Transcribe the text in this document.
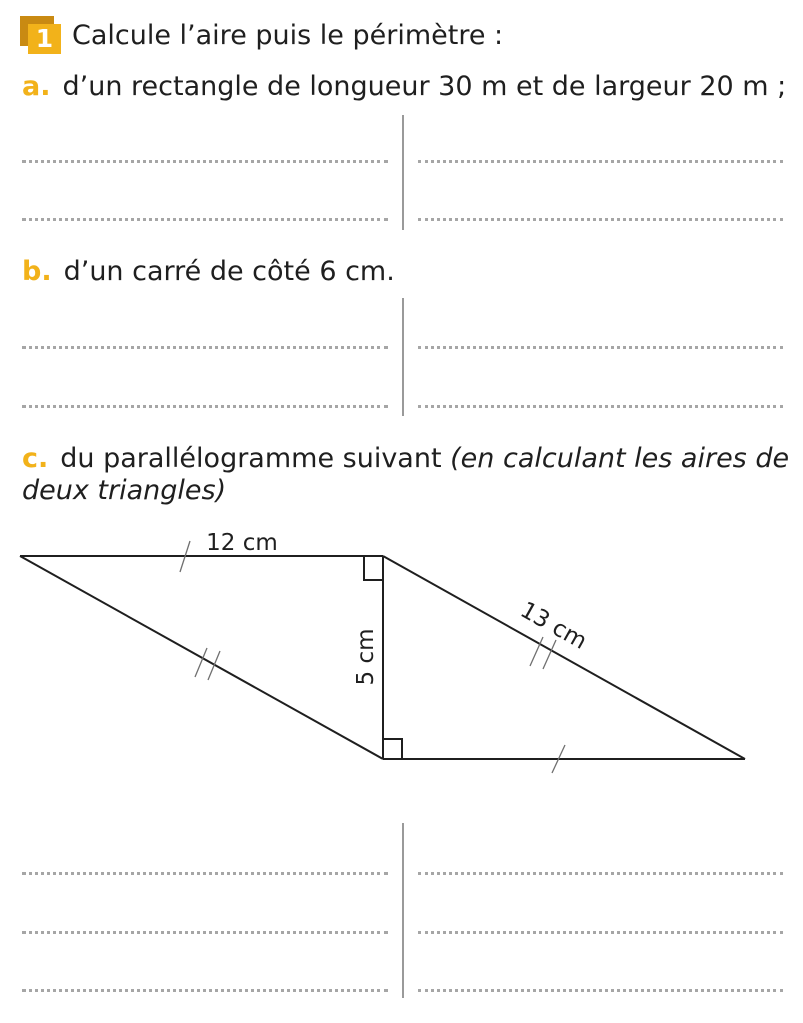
1 Calcule l’aire puis le périmètre :
a. d’un rectangle de longueur 30 m et de largeur 20 m ;
b. d’un carré de côté 6 cm.
c. du parallélogramme suivant (en calculant les aires de deux triangles)
12 cm
5 cm
13 cm
